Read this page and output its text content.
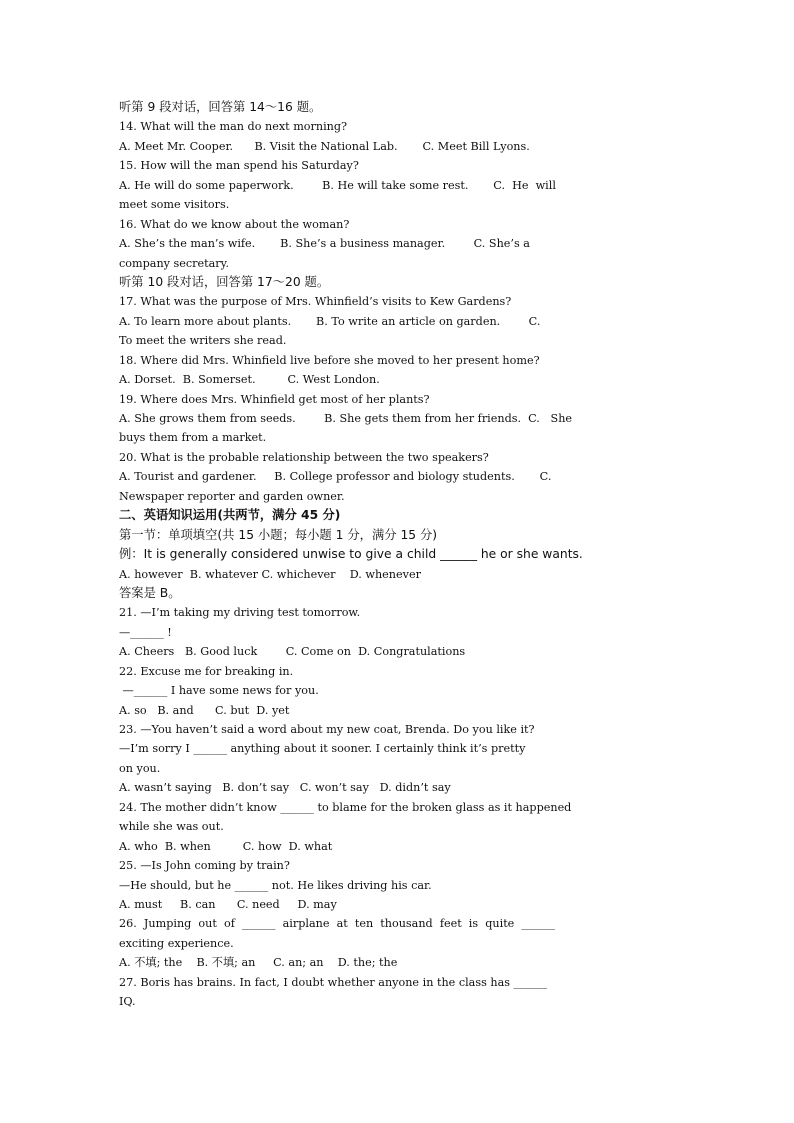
听第 9 段对话，回答第 14～16 题。
14. What will the man do next morning?
A. Meet Mr. Cooper.      B. Visit the National Lab.       C. Meet Bill Lyons.
15. How will the man spend his Saturday?
A. He will do some paperwork.        B. He will take some rest.       C.  He  will
meet some visitors.
16. What do we know about the woman?
A. She’s the man’s wife.       B. She’s a business manager.        C. She’s a
company secretary.
听第 10 段对话，回答第 17～20 题。
17. What was the purpose of Mrs. Whinfield’s visits to Kew Gardens?
A. To learn more about plants.       B. To write an article on garden.        C.
To meet the writers she read.
18. Where did Mrs. Whinfield live before she moved to her present home?
A. Dorset.  B. Somerset.         C. West London.
19. Where does Mrs. Whinfield get most of her plants?
A. She grows them from seeds.        B. She gets them from her friends.  C.   She
buys them from a market.
20. What is the probable relationship between the two speakers?
A. Tourist and gardener.     B. College professor and biology students.       C.
Newspaper reporter and garden owner.
二、英语知识运用(共两节，满分 45 分)
第一节：单项填空(共 15 小题；每小题 1 分，满分 15 分)
例：It is generally considered unwise to give a child ______ he or she wants.
A. however  B. whatever C. whichever    D. whenever
答案是 B。
21. —I’m taking my driving test tomorrow.
—______ !
A. Cheers   B. Good luck        C. Come on  D. Congratulations
22. Excuse me for breaking in.
—______ I have some news for you.
A. so   B. and      C. but  D. yet
23. —You haven’t said a word about my new coat, Brenda. Do you like it?
—I’m sorry I ______ anything about it sooner. I certainly think it’s pretty
on you.
A. wasn’t saying   B. don’t say   C. won’t say   D. didn’t say
24. The mother didn’t know ______ to blame for the broken glass as it happened
while she was out.
A. who  B. when         C. how  D. what
25. —Is John coming by train?
—He should, but he ______ not. He likes driving his car.
A. must     B. can      C. need     D. may
26.  Jumping  out  of  ______  airplane  at  ten  thousand  feet  is  quite  ______
exciting experience.
A. 不填; the    B. 不填; an     C. an; an    D. the; the
27. Boris has brains. In fact, I doubt whether anyone in the class has ______
IQ.
